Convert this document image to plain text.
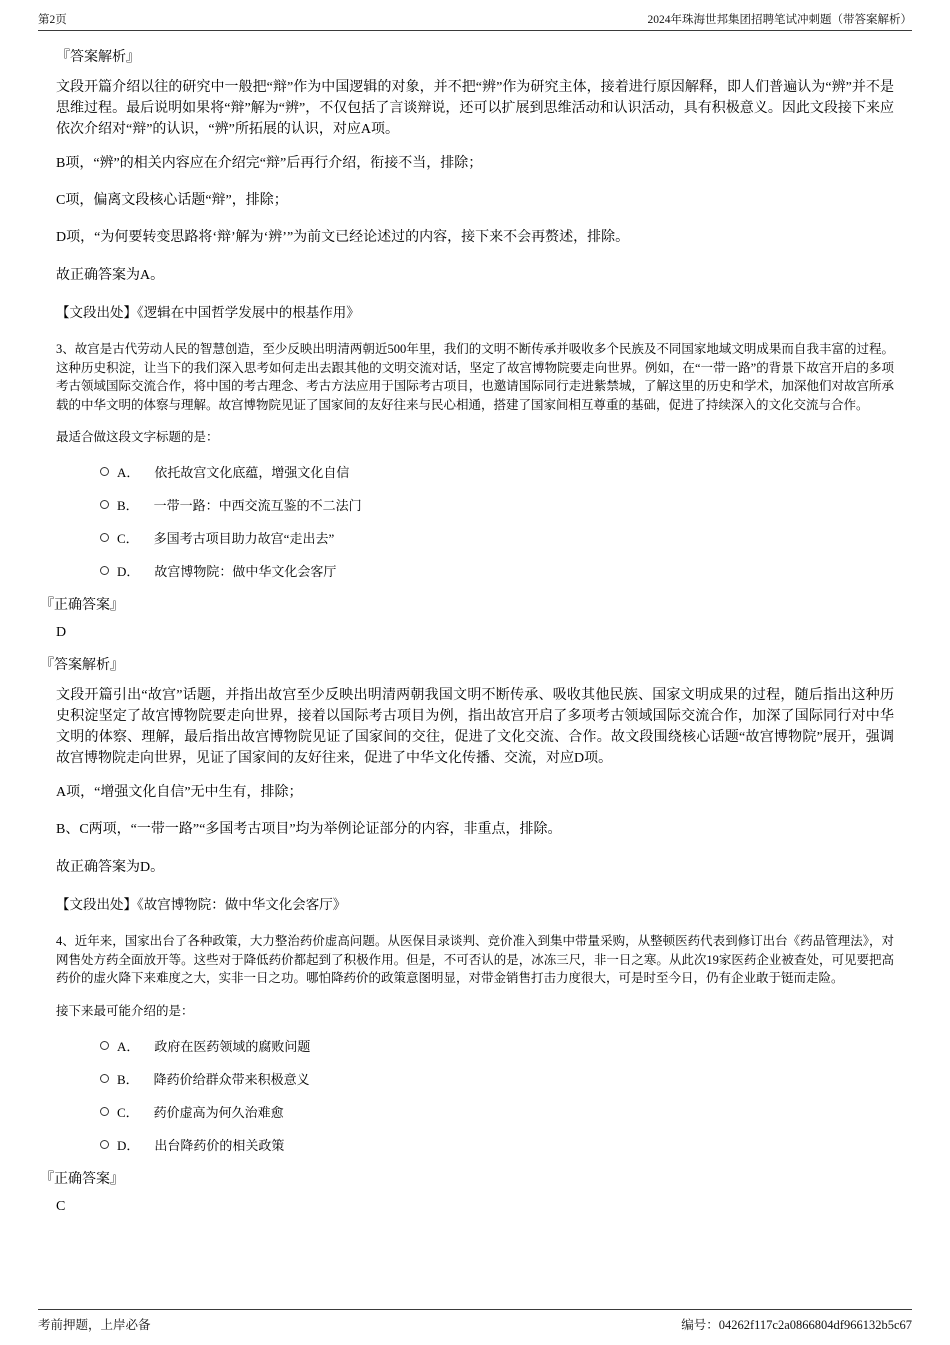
第2页	2024年珠海世邦集团招聘笔试冲刺题（带答案解析）

『答案解析』

文段开篇介绍以往的研究中一般把“辩”作为中国逻辑的对象，并不把“辨”作为研究主体，接着进行原因解释，即人们普遍认为“辨”并不是思维过程。最后说明如果将“辩”解为“辨”，不仅包括了言谈辩说，还可以扩展到思维活动和认识活动，具有积极意义。因此文段接下来应依次介绍对“辩”的认识，“辨”所拓展的认识，对应A项。

B项，“辨”的相关内容应在介绍完“辩”后再行介绍，衔接不当，排除；

C项，偏离文段核心话题“辩”，排除；

D项，“为何要转变思路将‘辩’解为‘辨’”为前文已经论述过的内容，接下来不会再赘述，排除。

故正确答案为A。

【文段出处】《逻辑在中国哲学发展中的根基作用》

3、故宫是古代劳动人民的智慧创造，至少反映出明清两朝近500年里，我们的文明不断传承并吸收多个民族及不同国家地域文明成果而自我丰富的过程。这种历史积淀，让当下的我们深入思考如何走出去跟其他的文明交流对话，坚定了故宫博物院要走向世界。例如，在“一带一路”的背景下故宫开启的多项考古领域国际交流合作，将中国的考古理念、考古方法应用于国际考古项目，也邀请国际同行走进紫禁城，了解这里的历史和学术，加深他们对故宫所承载的中华文明的体察与理解。故宫博物院见证了国家间的友好往来与民心相通，搭建了国家间相互尊重的基础，促进了持续深入的文化交流与合作。

最适合做这段文字标题的是：

A． 依托故宫文化底蕴，增强文化自信
B． 一带一路：中西交流互鉴的不二法门
C． 多国考古项目助力故宫“走出去”
D． 故宫博物院：做中华文化会客厅

『正确答案』

D

『答案解析』

文段开篇引出“故宫”话题，并指出故宫至少反映出明清两朝我国文明不断传承、吸收其他民族、国家文明成果的过程，随后指出这种历史积淀坚定了故宫博物院要走向世界，接着以国际考古项目为例，指出故宫开启了多项考古领域国际交流合作，加深了国际同行对中华文明的体察、理解，最后指出故宫博物院见证了国家间的交往，促进了文化交流、合作。故文段围绕核心话题“故宫博物院”展开，强调故宫博物院走向世界，见证了国家间的友好往来，促进了中华文化传播、交流，对应D项。

A项，“增强文化自信”无中生有，排除；

B、C两项，“一带一路”“多国考古项目”均为举例论证部分的内容，非重点，排除。

故正确答案为D。

【文段出处】《故宫博物院：做中华文化会客厅》

4、近年来，国家出台了各种政策，大力整治药价虚高问题。从医保目录谈判、竞价准入到集中带量采购，从整顿医药代表到修订出台《药品管理法》，对网售处方药全面放开等。这些对于降低药价都起到了积极作用。但是，不可否认的是，冰冻三尺，非一日之寒。从此次19家医药企业被查处，可见要把高药价的虚火降下来难度之大，实非一日之功。哪怕降药价的政策意图明显，对带金销售打击力度很大，可是时至今日，仍有企业敢于铤而走险。

接下来最可能介绍的是：

A． 政府在医药领域的腐败问题
B． 降药价给群众带来积极意义
C． 药价虚高为何久治难愈
D． 出台降药价的相关政策

『正确答案』

C

考前押题，上岸必备	编号：04262f117c2a0866804df966132b5c67
